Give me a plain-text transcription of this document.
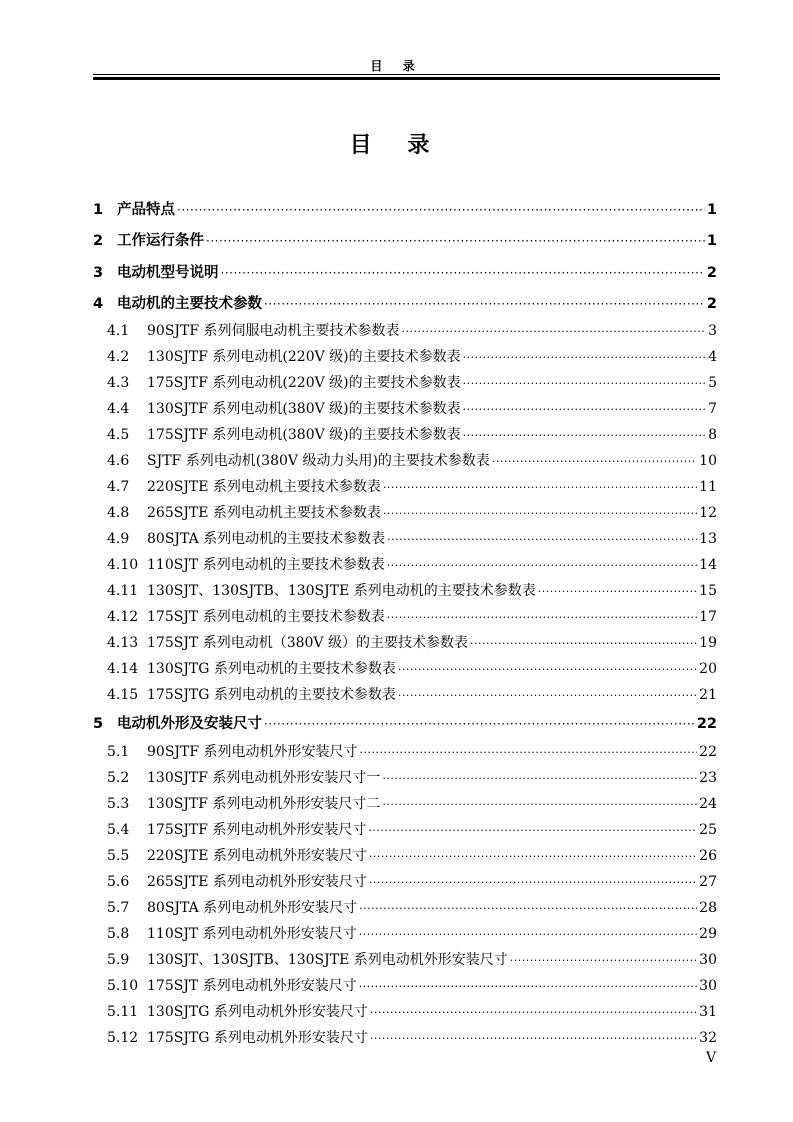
目 录
目 录
1 产品特点 ·····	1
2 工作运行条件 ·····	1
3 电动机型号说明 ·····	2
4 电动机的主要技术参数 ·····	2
4.1	90SJTF 系列伺服电动机主要技术参数表 ·····	3
4.2	130SJTF 系列电动机(220V 级)的主要技术参数表 ·····	4
4.3	175SJTF 系列电动机(220V 级)的主要技术参数表 ·····	5
4.4	130SJTF 系列电动机(380V 级)的主要技术参数表 ·····	7
4.5	175SJTF 系列电动机(380V 级)的主要技术参数表 ·····	8
4.6	SJTF 系列电动机(380V 级动力头用)的主要技术参数表 ·····	10
4.7	220SJTE 系列电动机主要技术参数表 ·····	11
4.8	265SJTE 系列电动机主要技术参数表 ·····	12
4.9	80SJTA 系列电动机的主要技术参数表 ·····	13
4.10 110SJT 系列电动机的主要技术参数表 ·····	14
4.11 130SJT、130SJTB、130SJTE 系列电动机的主要技术参数表 ·····	15
4.12 175SJT 系列电动机的主要技术参数表 ·····	17
4.13 175SJT 系列电动机（380V 级）的主要技术参数表 ·····	19
4.14 130SJTG 系列电动机的主要技术参数表 ·····	20
4.15 175SJTG 系列电动机的主要技术参数表 ·····	21
5 电动机外形及安装尺寸 ·····	22
5.1	90SJTF 系列电动机外形安装尺寸 ·····	22
5.2	130SJTF 系列电动机外形安装尺寸一 ·····	23
5.3	130SJTF 系列电动机外形安装尺寸二 ·····	24
5.4	175SJTF 系列电动机外形安装尺寸 ·····	25
5.5	220SJTE 系列电动机外形安装尺寸 ·····	26
5.6	265SJTE 系列电动机外形安装尺寸 ·····	27
5.7	80SJTA 系列电动机外形安装尺寸 ·····	28
5.8	110SJT 系列电动机外形安装尺寸 ·····	29
5.9	130SJT、130SJTB、130SJTE 系列电动机外形安装尺寸 ·····	30
5.10 175SJT 系列电动机外形安装尺寸 ·····	30
5.11 130SJTG 系列电动机外形安装尺寸 ·····	31
5.12 175SJTG 系列电动机外形安装尺寸 ·····	32
V
